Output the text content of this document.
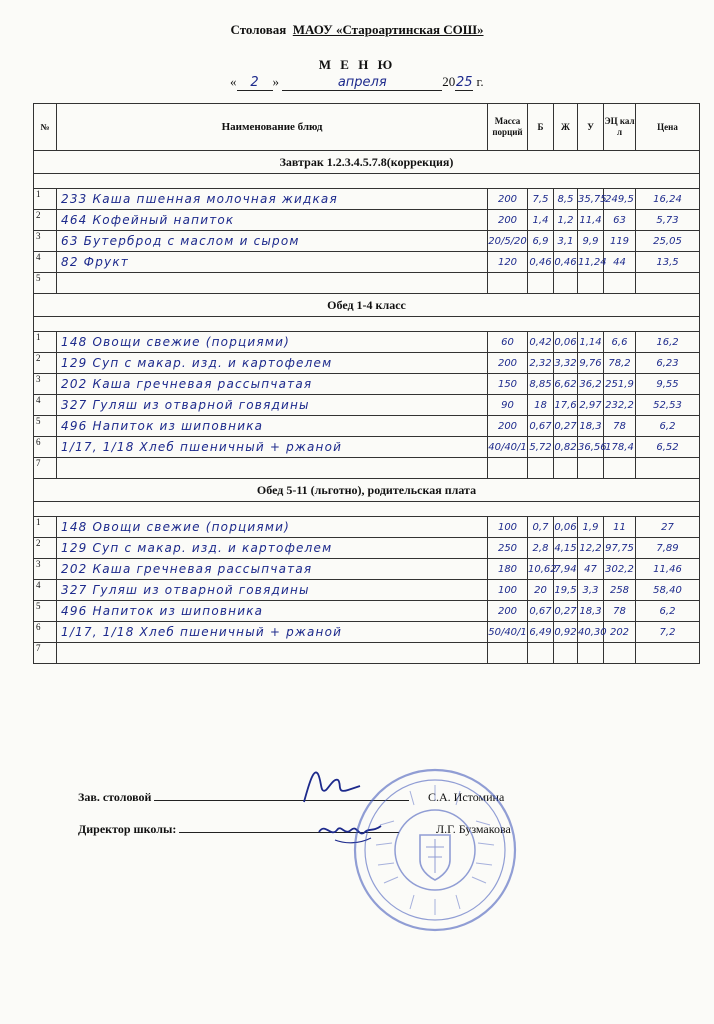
Столовая МАОУ «Староартинская СОШ»
М Е Н Ю
« 2 »	апреля	2025 г.
№	Наименование блюд	Масса порций	Б	Ж	У	ЭЦ кал л	Цена
Завтрак 1.2.3.4.5.7.8(коррекция)							

1	233 Каша пшенная молочная жидкая	200	7,5	8,5	35,75	249,5	16,24
2	464 Кофейный напиток	200	1,4	1,2	11,4	63	5,73
3	63 Бутерброд с маслом и сыром	20/5/20	6,9	3,1	9,9	119	25,05
4	82 Фрукт	120	0,46	0,46	11,24	44	13,5
5							
Обед 1-4 класс							

1	148 Овощи свежие (порциями)	60	0,42	0,06	1,14	6,6	16,2
2	129 Суп с макар. изд. и картофелем	200	2,32	3,32	9,76	78,2	6,23
3	202 Каша гречневая рассыпчатая	150	8,85	6,62	36,2	251,9	9,55
4	327 Гуляш из отварной говядины	90	18	17,6	2,97	232,2	52,53
5	496 Напиток из шиповника	200	0,67	0,27	18,3	78	6,2
6	1/17, 1/18 Хлеб пшеничный + ржаной	40/40/1	5,72	0,82	36,56	178,4	6,52
7							
Обед 5-11 (льготно), родительская плата							

1	148 Овощи свежие (порциями)	100	0,7	0,06	1,9	11	27
2	129 Суп с макар. изд. и картофелем	250	2,8	4,15	12,2	97,75	7,89
3	202 Каша гречневая рассыпчатая	180	10,62	7,94	47	302,2	11,46
4	327 Гуляш из отварной говядины	100	20	19,5	3,3	258	58,40
5	496 Напиток из шиповника	200	0,67	0,27	18,3	78	6,2
6	1/17, 1/18 Хлеб пшеничный + ржаной	50/40/1	6,49	0,92	40,30	202	7,2
7							
Зав. столовой	С.А. Истомина
Директор школы:	Л.Г. Бузмакова
